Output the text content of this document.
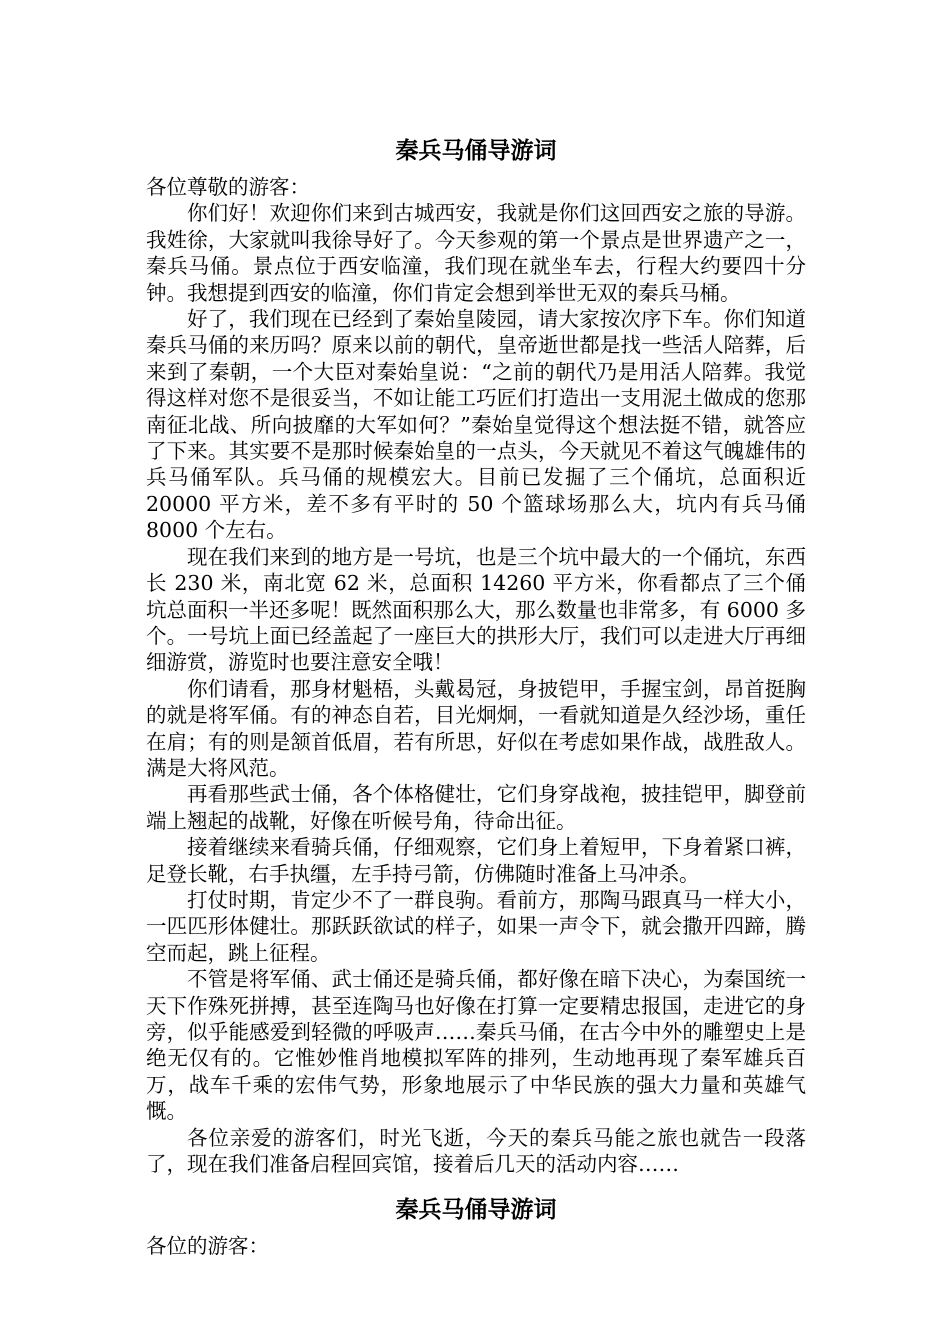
秦兵马俑导游词

各位尊敬的游客：

你们好！欢迎你们来到古城西安，我就是你们这回西安之旅的导游。我姓徐，大家就叫我徐导好了。今天参观的第一个景点是世界遗产之一，秦兵马俑。景点位于西安临潼，我们现在就坐车去，行程大约要四十分钟。我想提到西安的临潼，你们肯定会想到举世无双的秦兵马桶。

好了，我们现在已经到了秦始皇陵园，请大家按次序下车。你们知道秦兵马俑的来历吗？原来以前的朝代，皇帝逝世都是找一些活人陪葬，后来到了秦朝，一个大臣对秦始皇说：“之前的朝代乃是用活人陪葬。我觉得这样对您不是很妥当，不如让能工巧匠们打造出一支用泥土做成的您那南征北战、所向披靡的大军如何？”秦始皇觉得这个想法挺不错，就答应了下来。其实要不是那时候秦始皇的一点头，今天就见不着这气魄雄伟的兵马俑军队。兵马俑的规模宏大。目前已发掘了三个俑坑，总面积近 20000 平方米，差不多有平时的 50 个篮球场那么大，坑内有兵马俑 8000 个左右。

现在我们来到的地方是一号坑，也是三个坑中最大的一个俑坑，东西长 230 米，南北宽 62 米，总面积 14260 平方米，你看都点了三个俑坑总面积一半还多呢！既然面积那么大，那么数量也非常多，有 6000 多个。一号坑上面已经盖起了一座巨大的拱形大厅，我们可以走进大厅再细细游赏，游览时也要注意安全哦！

你们请看，那身材魁梧，头戴曷冠，身披铠甲，手握宝剑，昂首挺胸的就是将军俑。有的神态自若，目光炯炯，一看就知道是久经沙场，重任在肩；有的则是颔首低眉，若有所思，好似在考虑如果作战，战胜敌人。满是大将风范。

再看那些武士俑，各个体格健壮，它们身穿战袍，披挂铠甲，脚登前端上翘起的战靴，好像在听候号角，待命出征。

接着继续来看骑兵俑，仔细观察，它们身上着短甲，下身着紧口裤，足登长靴，右手执缰，左手持弓箭，仿佛随时准备上马冲杀。

打仗时期，肯定少不了一群良驹。看前方，那陶马跟真马一样大小，一匹匹形体健壮。那跃跃欲试的样子，如果一声令下，就会撒开四蹄，腾空而起，跳上征程。

不管是将军俑、武士俑还是骑兵俑，都好像在暗下决心，为秦国统一天下作殊死拼搏，甚至连陶马也好像在打算一定要精忠报国，走进它的身旁，似乎能感爱到轻微的呼吸声……秦兵马俑，在古今中外的雕塑史上是绝无仅有的。它惟妙惟肖地模拟军阵的排列，生动地再现了秦军雄兵百万，战车千乘的宏伟气势，形象地展示了中华民族的强大力量和英雄气慨。

各位亲爱的游客们，时光飞逝，今天的秦兵马能之旅也就告一段落了，现在我们准备启程回宾馆，接着后几天的活动内容……

秦兵马俑导游词

各位的游客：
